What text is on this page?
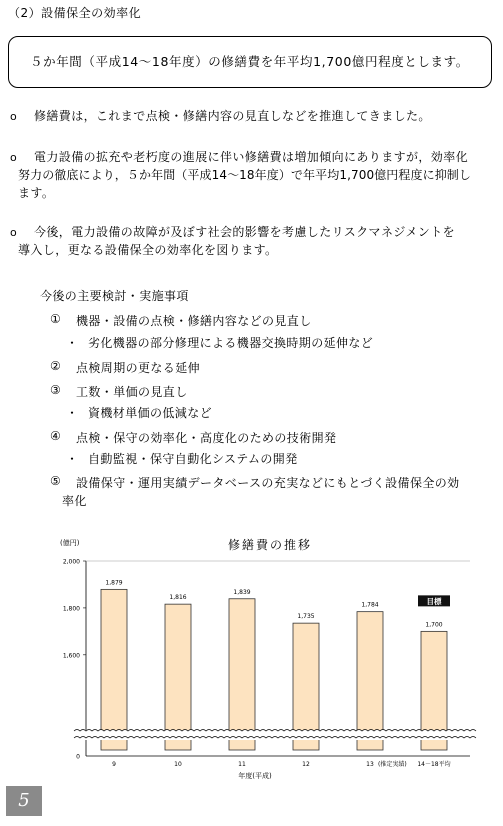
（2）設備保全の効率化
５か年間（平成14～18年度）の修繕費を年平均1,700億円程度とします。
o 修繕費は，これまで点検・修繕内容の見直しなどを推進してきました。
o 電力設備の拡充や老朽度の進展に伴い修繕費は増加傾向にありますが，効率化
努力の徹底により，５か年間（平成14～18年度）で年平均1,700億円程度に抑制し
ます。
o 今後，電力設備の故障が及ぼす社会的影響を考慮したリスクマネジメントを
導入し，更なる設備保全の効率化を図ります。
今後の主要検討・実施事項
① 機器・設備の点検・修繕内容などの見直し
・ 劣化機器の部分修理による機器交換時期の延伸など
② 点検周期の更なる延伸
③ 工数・単価の見直し
・ 資機材単価の低減など
④ 点検・保守の効率化・高度化のための技術開発
・ 自動監視・保守自動化システムの開発
⑤ 設備保守・運用実績データベースの充実などにもとづく設備保全の効
率化
修繕費の推移
(億円)
1,879
1,816
1,839
1,735
1,784
1,700
目標
2,000
1,800
1,600
0
9	10	11	12	13 (推定実績) 14－18平均
年度(平成)
5
